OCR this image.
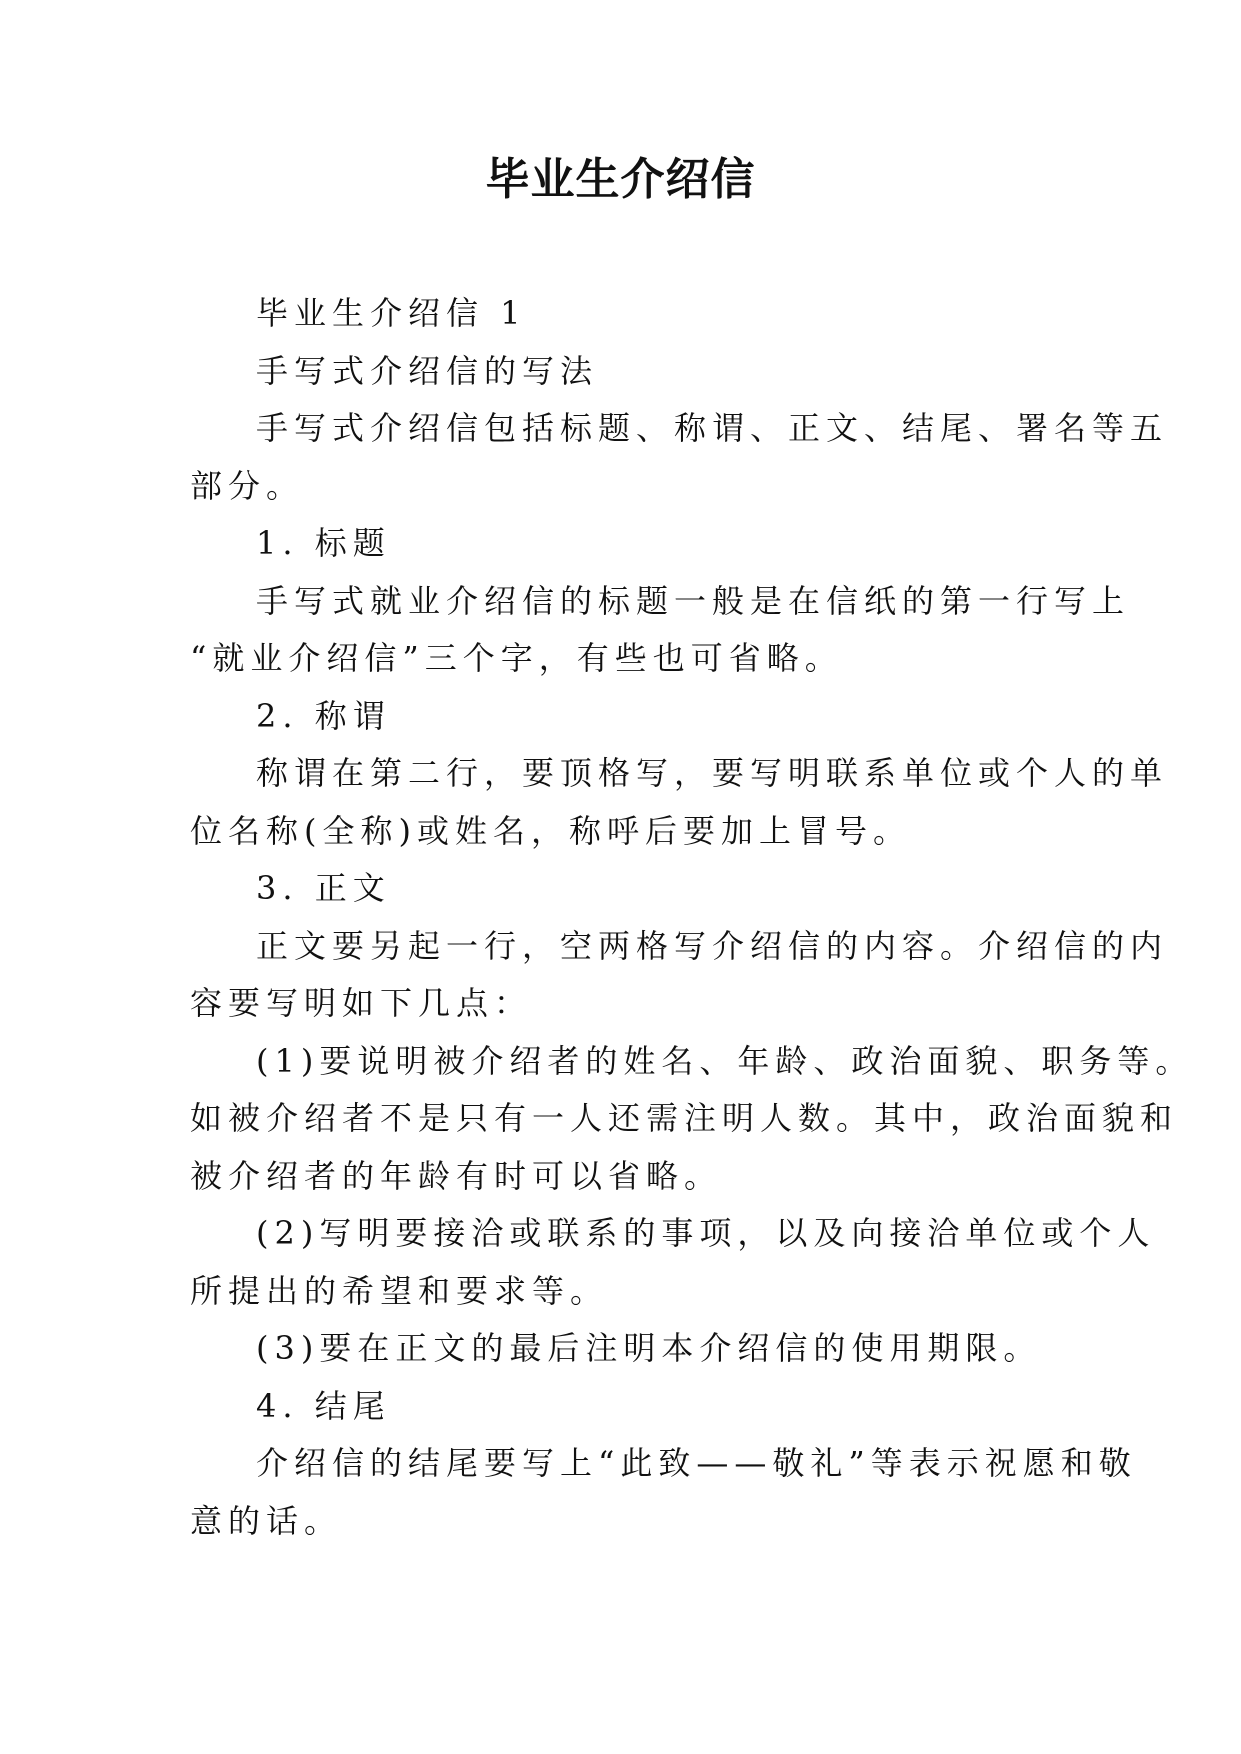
毕业生介绍信

毕业生介绍信 1

手写式介绍信的写法

手写式介绍信包括标题、称谓、正文、结尾、署名等五
部分。

1. 标题

手写式就业介绍信的标题一般是在信纸的第一行写上
“就业介绍信”三个字，有些也可省略。

2. 称谓

称谓在第二行，要顶格写，要写明联系单位或个人的单
位名称(全称)或姓名，称呼后要加上冒号。

3. 正文

正文要另起一行，空两格写介绍信的内容。介绍信的内
容要写明如下几点：

(1)要说明被介绍者的姓名、年龄、政治面貌、职务等。
如被介绍者不是只有一人还需注明人数。其中，政治面貌和
被介绍者的年龄有时可以省略。

(2)写明要接洽或联系的事项，以及向接洽单位或个人
所提出的希望和要求等。

(3)要在正文的最后注明本介绍信的使用期限。

4. 结尾

介绍信的结尾要写上“此致——敬礼”等表示祝愿和敬
意的话。
